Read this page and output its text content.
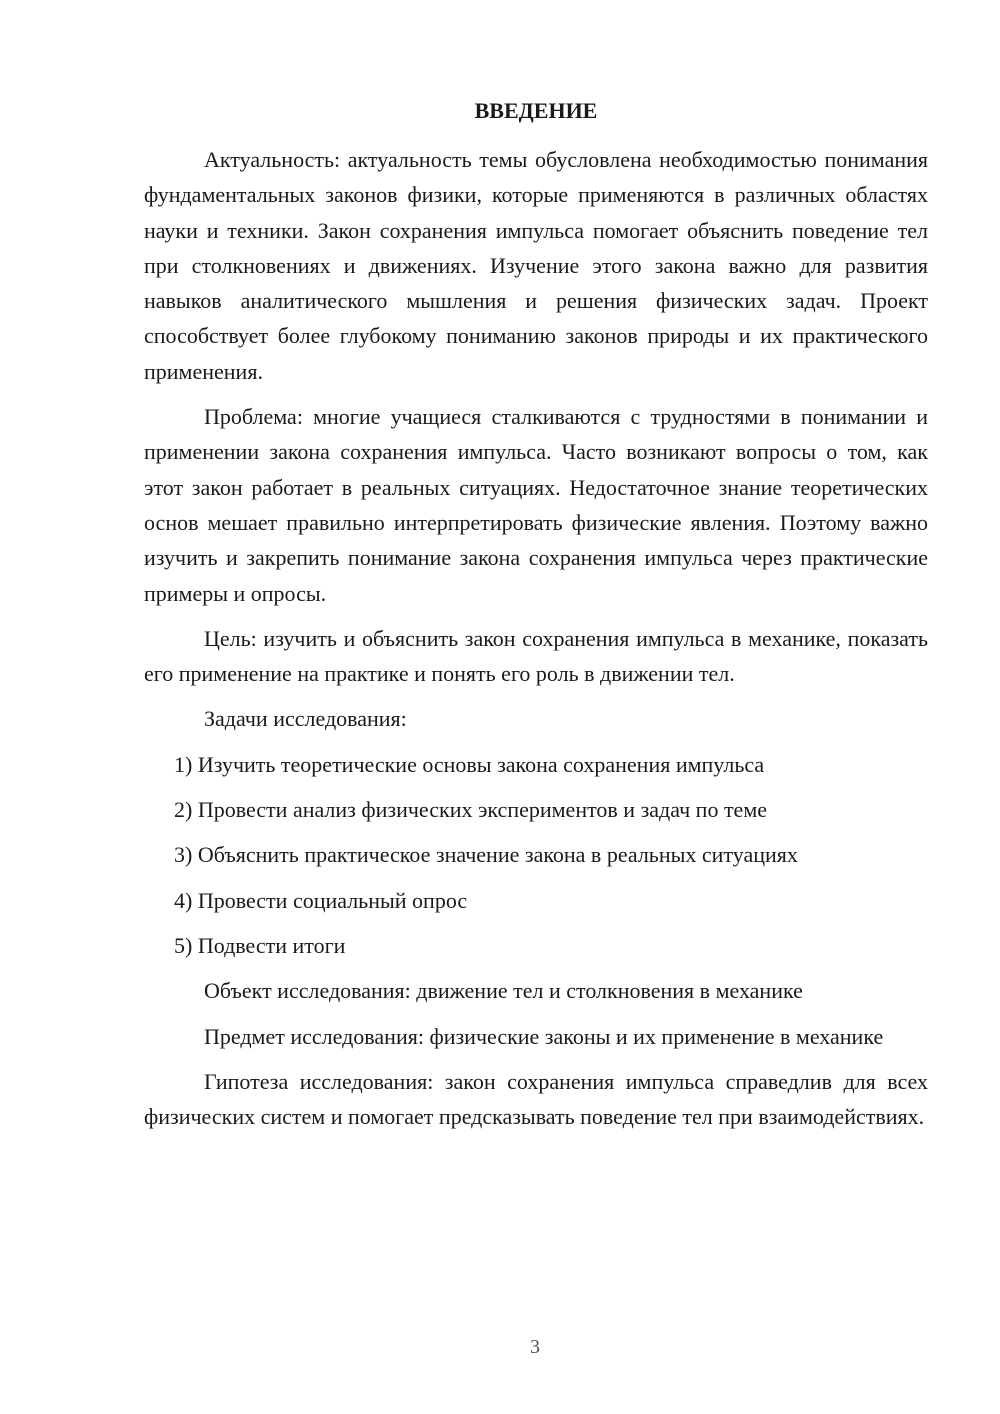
ВВЕДЕНИЕ

Актуальность: актуальность темы обусловлена необходимостью понимания фундаментальных законов физики, которые применяются в различных областях науки и техники. Закон сохранения импульса помогает объяснить поведение тел при столкновениях и движениях. Изучение этого закона важно для развития навыков аналитического мышления и решения физических задач. Проект способствует более глубокому пониманию законов природы и их практического применения.

Проблема: многие учащиеся сталкиваются с трудностями в понимании и применении закона сохранения импульса. Часто возникают вопросы о том, как этот закон работает в реальных ситуациях. Недостаточное знание теоретических основ мешает правильно интерпретировать физические явления. Поэтому важно изучить и закрепить понимание закона сохранения импульса через практические примеры и опросы.

Цель: изучить и объяснить закон сохранения импульса в механике, показать его применение на практике и понять его роль в движении тел.

Задачи исследования:

1) Изучить теоретические основы закона сохранения импульса
2) Провести анализ физических экспериментов и задач по теме
3) Объяснить практическое значение закона в реальных ситуациях
4) Провести социальный опрос
5) Подвести итоги

Объект исследования: движение тел и столкновения в механике

Предмет исследования: физические законы и их применение в механике

Гипотеза исследования: закон сохранения импульса справедлив для всех физических систем и помогает предсказывать поведение тел при взаимодействиях.

3
